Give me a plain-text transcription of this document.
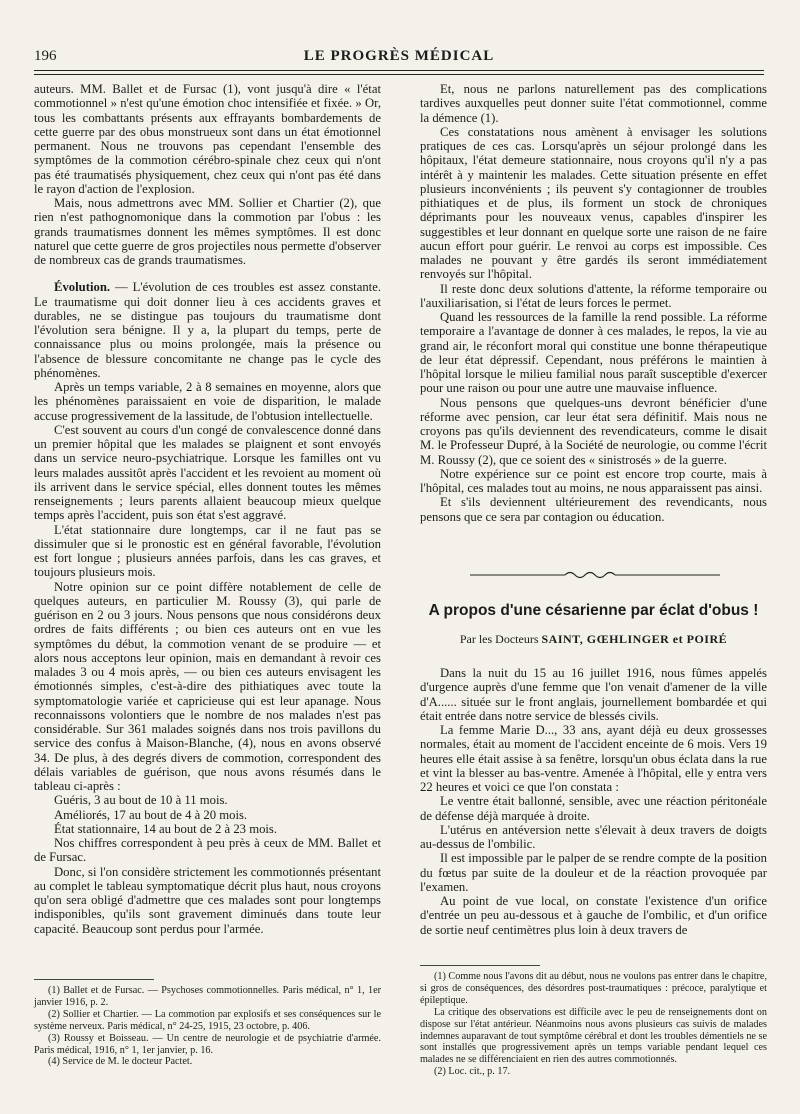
196	LE PROGRÈS MÉDICAL

auteurs. MM. Ballet et de Fursac (1), vont jusqu'à dire « l'état commotionnel » n'est qu'une émotion choc intensifiée et fixée. » Or, tous les combattants présents aux effrayants bombardements de cette guerre par des obus monstrueux sont dans un état émotionnel permanent. Nous ne trouvons pas cependant l'ensemble des symptômes de la commotion cérébro-spinale chez ceux qui n'ont pas été traumatisés physiquement, chez ceux qui n'ont pas été dans le rayon d'action de l'explosion.

Mais, nous admettrons avec MM. Sollier et Chartier (2), que rien n'est pathognomonique dans la commotion par l'obus : les grands traumatismes donnent les mêmes symptômes. Il est donc naturel que cette guerre de gros projectiles nous permette d'observer de nombreux cas de grands traumatismes.

Évolution. — L'évolution de ces troubles est assez constante. Le traumatisme qui doit donner lieu à ces accidents graves et durables, ne se distingue pas toujours du traumatisme dont l'évolution sera bénigne. Il y a, la plupart du temps, perte de connaissance plus ou moins prolongée, mais la présence ou l'absence de blessure concomitante ne change pas le cycle des phénomènes.

Après un temps variable, 2 à 8 semaines en moyenne, alors que les phénomènes paraissaient en voie de disparition, le malade accuse progressivement de la lassitude, de l'obtusion intellectuelle.

C'est souvent au cours d'un congé de convalescence donné dans un premier hôpital que les malades se plaignent et sont envoyés dans un service neuro-psychiatrique. Lorsque les familles ont vu leurs malades aussitôt après l'accident et les revoient au moment où ils arrivent dans le service spécial, elles donnent toutes les mêmes renseignements ; leurs parents allaient beaucoup mieux quelque temps après l'accident, puis son état s'est aggravé.

L'état stationnaire dure longtemps, car il ne faut pas se dissimuler que si le pronostic est en général favorable, l'évolution est fort longue ; plusieurs années parfois, dans les cas graves, et toujours plusieurs mois.

Notre opinion sur ce point diffère notablement de celle de quelques auteurs, en particulier M. Roussy (3), qui parle de guérison en 2 ou 3 jours. Nous pensons que nous considérons deux ordres de faits différents ; ou bien ces auteurs ont en vue les symptômes du début, la commotion venant de se produire — et alors nous acceptons leur opinion, mais en demandant à revoir ces malades 3 ou 4 mois après, — ou bien ces auteurs envisagent les émotionnés simples, c'est-à-dire des pithiatiques avec toute la symptomatologie variée et capricieuse qui est leur apanage. Nous reconnaissons volontiers que le nombre de nos malades n'est pas considérable. Sur 361 malades soignés dans nos trois pavillons du service des confus à Maison-Blanche, (4), nous en avons observé 34. De plus, à des degrés divers de commotion, correspondent des délais variables de guérison, que nous avons résumés dans le tableau ci-après :

Guéris, 3 au bout de 10 à 11 mois.

Améliorés, 17 au bout de 4 à 20 mois.

État stationnaire, 14 au bout de 2 à 23 mois.

Nos chiffres correspondent à peu près à ceux de MM. Ballet et de Fursac.

Donc, si l'on considère strictement les commotionnés présentant au complet le tableau symptomatique décrit plus haut, nous croyons qu'on sera obligé d'admettre que ces malades sont pour longtemps indisponibles, qu'ils sont gravement diminués dans toute leur capacité. Beaucoup sont perdus pour l'armée.

(1) Ballet et de Fursac. — Psychoses commotionnelles. Paris médical, n° 1, 1er janvier 1916, p. 2.

(2) Sollier et Chartier. — La commotion par explosifs et ses conséquences sur le système nerveux. Paris médical, n° 24-25, 1915, 23 octobre, p. 406.

(3) Roussy et Boisseau. — Un centre de neurologie et de psychiatrie d'armée. Paris médical, 1916, n° 1, 1er janvier, p. 16.

(4) Service de M. le docteur Pactet.

Et, nous ne parlons naturellement pas des complications tardives auxquelles peut donner suite l'état commotionnel, comme la démence (1).

Ces constatations nous amènent à envisager les solutions pratiques de ces cas. Lorsqu'après un séjour prolongé dans les hôpitaux, l'état demeure stationnaire, nous croyons qu'il n'y a pas intérêt à y maintenir les malades. Cette situation présente en effet plusieurs inconvénients ; ils peuvent s'y contagionner de troubles pithiatiques et de plus, ils forment un stock de chroniques déprimants pour les nouveaux venus, capables d'inspirer les suggestibles et leur donnant en quelque sorte une raison de ne faire aucun effort pour guérir. Le renvoi au corps est impossible. Ces malades ne pouvant y être gardés ils seront immédiatement renvoyés sur l'hôpital.

Il reste donc deux solutions d'attente, la réforme temporaire ou l'auxiliarisation, si l'état de leurs forces le permet.

Quand les ressources de la famille la rend possible. La réforme temporaire a l'avantage de donner à ces malades, le repos, la vie au grand air, le réconfort moral qui constitue une bonne thérapeutique de leur état dépressif. Cependant, nous préférons le maintien à l'hôpital lorsque le milieu familial nous paraît susceptible d'exercer pour une raison ou pour une autre une mauvaise influence.

Nous pensons que quelques-uns devront bénéficier d'une réforme avec pension, car leur état sera définitif. Mais nous ne croyons pas qu'ils deviennent des revendicateurs, comme le disait M. le Professeur Dupré, à la Société de neurologie, ou comme l'écrit M. Roussy (2), que ce soient des « sinistrosés » de la guerre.

Notre expérience sur ce point est encore trop courte, mais à l'hôpital, ces malades tout au moins, ne nous apparaissent pas ainsi.

Et s'ils deviennent ultérieurement des revendicants, nous pensons que ce sera par contagion ou éducation.

A propos d'une césarienne par éclat d'obus !
Par les Docteurs SAINT, GŒHLINGER et POIRÉ

Dans la nuit du 15 au 16 juillet 1916, nous fûmes appelés d'urgence auprès d'une femme que l'on venait d'amener de la ville d'A...... située sur le front anglais, journellement bombardée et qui était entrée dans notre service de blessés civils.

La femme Marie D..., 33 ans, ayant déjà eu deux grossesses normales, était au moment de l'accident enceinte de 6 mois. Vers 19 heures elle était assise à sa fenêtre, lorsqu'un obus éclata dans la rue et vint la blesser au bas-ventre. Amenée à l'hôpital, elle y entra vers 22 heures et voici ce que l'on constata :

Le ventre était ballonné, sensible, avec une réaction péritonéale de défense déjà marquée à droite.

L'utérus en antéversion nette s'élevait à deux travers de doigts au-dessus de l'ombilic.

Il est impossible par le palper de se rendre compte de la position du fœtus par suite de la douleur et de la réaction provoquée par l'examen.

Au point de vue local, on constate l'existence d'un orifice d'entrée un peu au-dessous et à gauche de l'ombilic, et d'un orifice de sortie neuf centimètres plus loin à deux travers de

(1) Comme nous l'avons dit au début, nous ne voulons pas entrer dans le chapitre, si gros de conséquences, des désordres post-traumatiques : précoce, paralytique et épileptique.

La critique des observations est difficile avec le peu de renseignements dont on dispose sur l'état antérieur. Néanmoins nous avons plusieurs cas suivis de malades indemnes auparavant de tout symptôme cérébral et dont les troubles démentiels ne se sont installés que progressivement après un temps variable pendant lequel ces malades ne se différenciaient en rien des autres commotionnés.

(2) Loc. cit., p. 17.
